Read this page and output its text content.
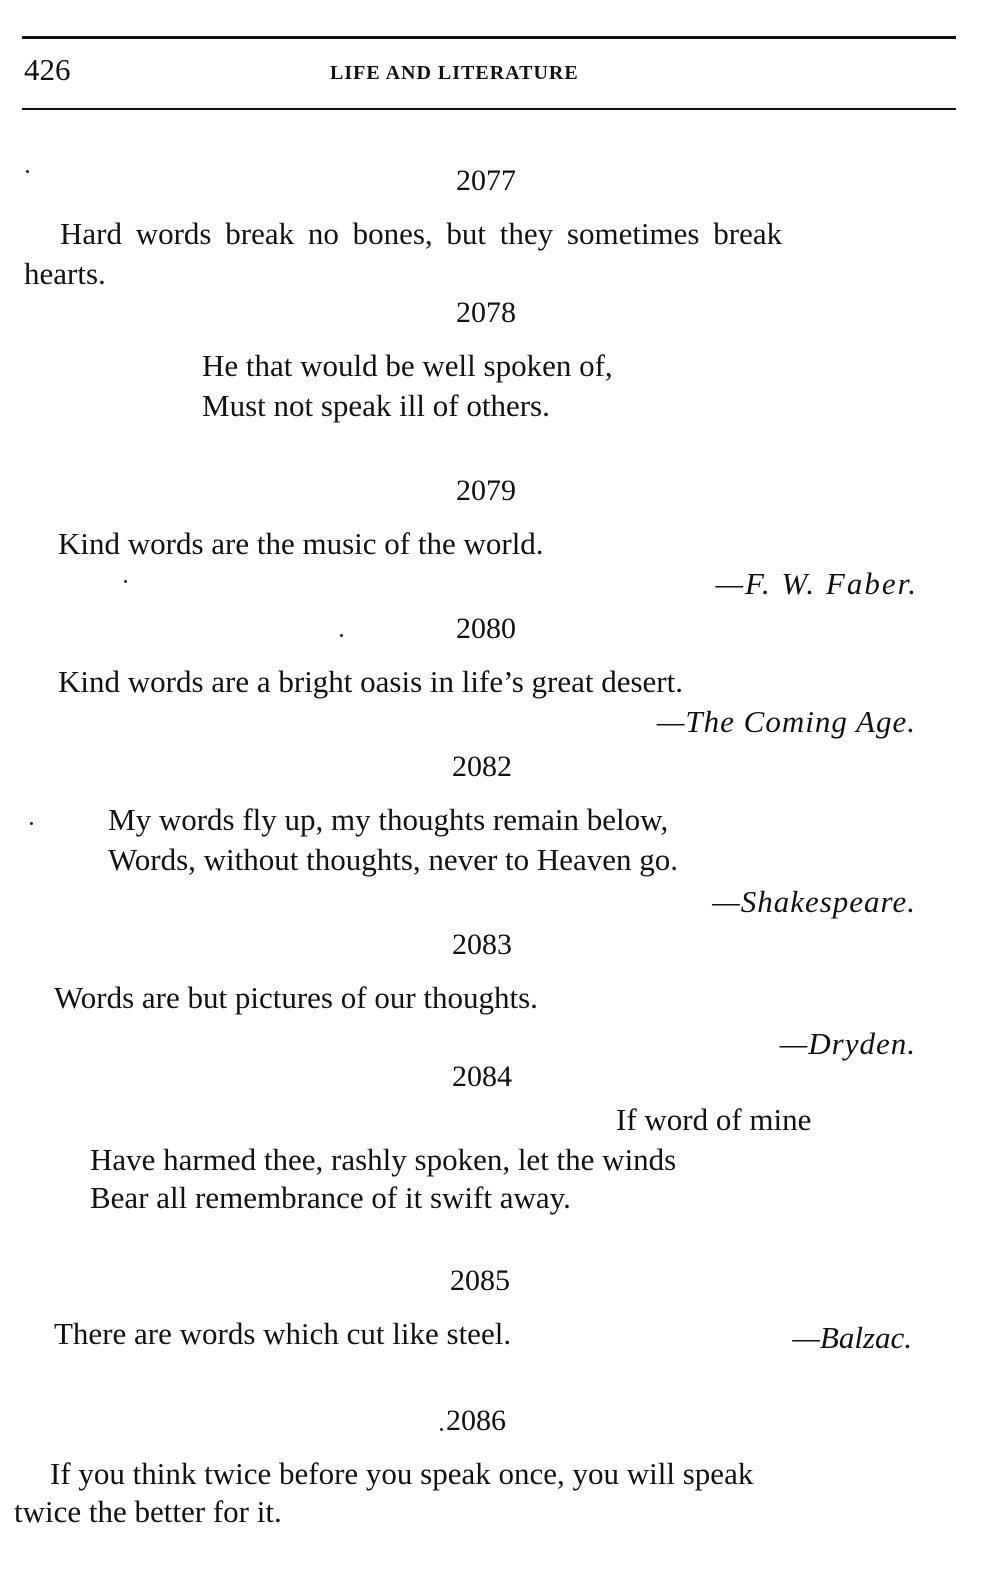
426	LIFE AND LITERATURE
2077
Hard words break no bones, but they sometimes break
hearts.
2078
He that would be well spoken of,
Must not speak ill of others.
2079
Kind words are the music of the world.
—F. W. Faber.
2080
Kind words are a bright oasis in life’s great desert.
—The Coming Age.
2082
My words fly up, my thoughts remain below,
Words, without thoughts, never to Heaven go.
—Shakespeare.
2083
Words are but pictures of our thoughts.
—Dryden.
2084
If word of mine
Have harmed thee, rashly spoken, let the winds
Bear all remembrance of it swift away.
2085
There are words which cut like steel.	—Balzac.
2086
If you think twice before you speak once, you will speak
twice the better for it.
